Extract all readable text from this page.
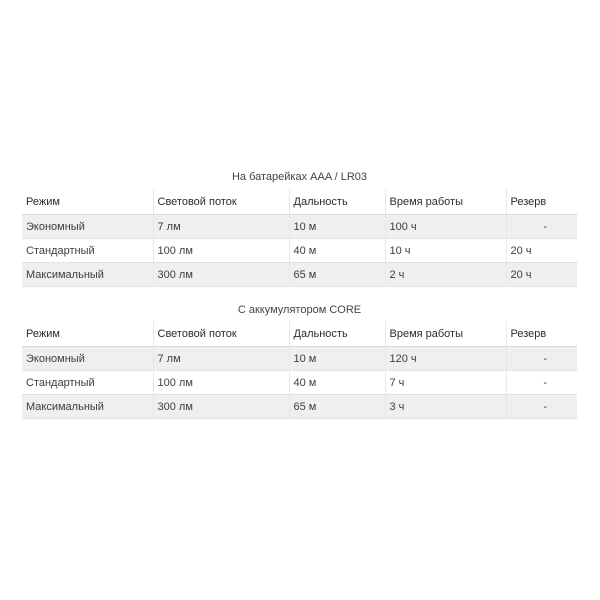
На батарейках AAA / LR03
Режим	Световой поток	Дальность	Время работы	Резерв
Экономный	7 лм	10 м	100 ч	-
Стандартный	100 лм	40 м	10 ч	20 ч
Максимальный	300 лм	65 м	2 ч	20 ч
С аккумулятором CORE
Режим	Световой поток	Дальность	Время работы	Резерв
Экономный	7 лм	10 м	120 ч	-
Стандартный	100 лм	40 м	7 ч	-
Максимальный	300 лм	65 м	3 ч	-
